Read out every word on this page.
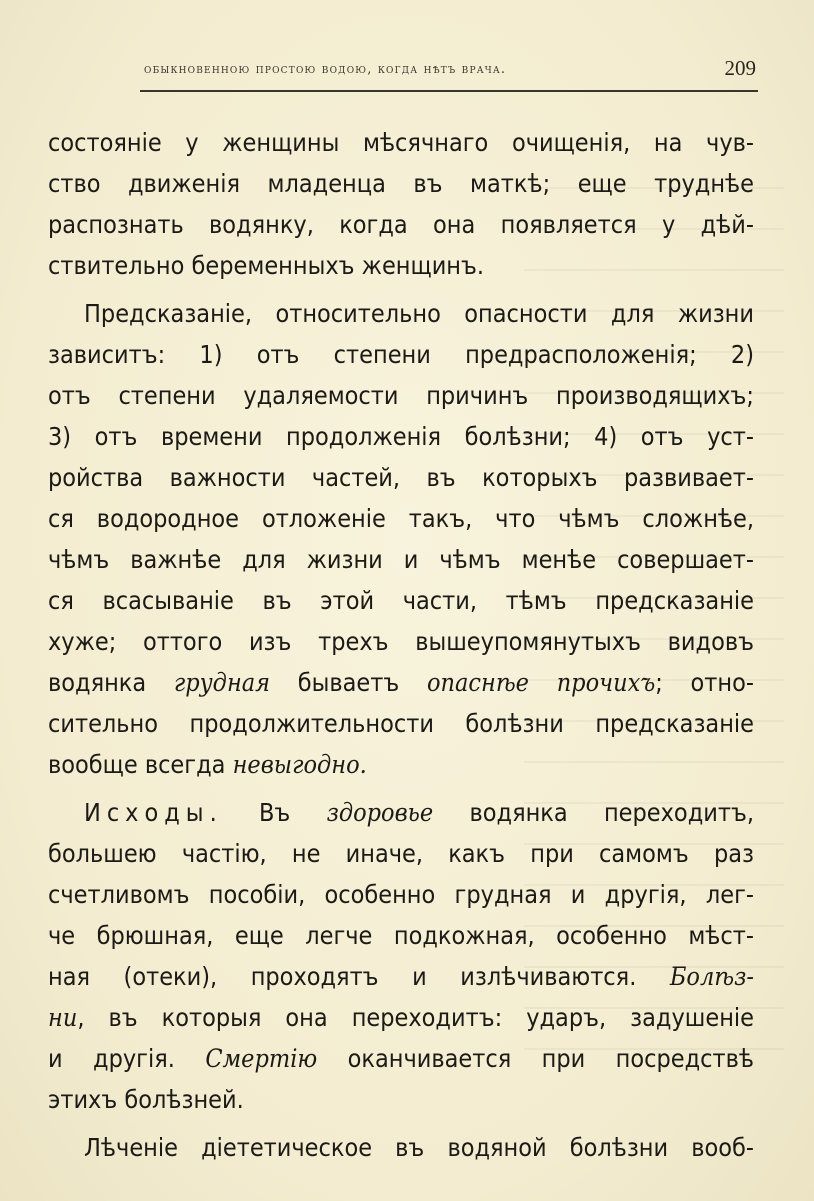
обыкновенною простою водою, когда нѣтъ врача.	209
состоянiе у женщины мѣсячнаго очищенiя, на чув-
ство движенiя младенца въ маткѣ; еще труднѣе
распознать водянку, когда она появляется у дѣй-
ствительно беременныхъ женщинъ.
Предсказанiе, относительно опасности для жизни
зависитъ: 1) отъ степени предрасположенiя; 2)
отъ степени удаляемости причинъ производящихъ;
3) отъ времени продолженiя болѣзни; 4) отъ уст-
ройства важности частей, въ которыхъ развивает-
ся водородное отложенiе такъ, что чѣмъ сложнѣе,
чѣмъ важнѣе для жизни и чѣмъ менѣе совершает-
ся всасыванiе въ этой части, тѣмъ предсказанiе
хуже; оттого изъ трехъ вышеупомянутыхъ видовъ
водянка грудная бываетъ опаснѣе прочихъ; отно-
сительно продолжительности болѣзни предсказанiе
вообще всегда невыгодно.
Исходы. Въ здоровье водянка переходитъ,
большею частiю, не иначе, какъ при самомъ раз
счетливомъ пособiи, особенно грудная и другiя, лег-
че брюшная, еще легче подкожная, особенно мѣст-
ная (отеки), проходятъ и излѣчиваются. Болѣз-
ни, въ которыя она переходитъ: ударъ, задушенiе
и другiя. Смертiю оканчивается при посредствѣ
этихъ болѣзней.
Лѣченiе дiететическое въ водяной болѣзни вооб-
